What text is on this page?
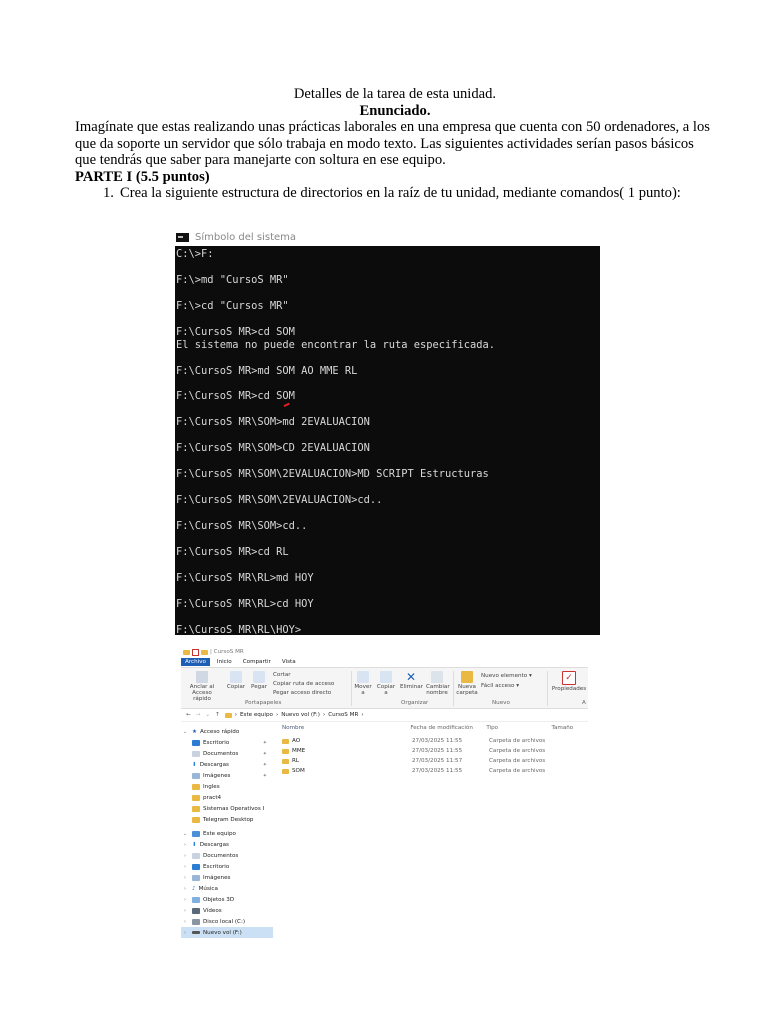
Detalles de la tarea de esta unidad.

Enunciado.

Imagínate que estas realizando unas prácticas laborales en una empresa que cuenta con 50 ordenadores, a los que da soporte un servidor que sólo trabaja en modo texto. Las siguientes actividades serían pasos básicos que tendrás que saber para manejarte con soltura en ese equipo.

PARTE I (5.5 puntos)

1. Crea la siguiente estructura de directorios en la raíz de tu unidad, mediante comandos( 1 punto):
Símbolo del sistema
C:\>F:

F:\>md "CursoS MR"

F:\>cd "Cursos MR"

F:\CursoS MR>cd SOM
El sistema no puede encontrar la ruta especificada.

F:\CursoS MR>md SOM AO MME RL

F:\CursoS MR>cd SOM

F:\CursoS MR\SOM>md 2EVALUACION

F:\CursoS MR\SOM>CD 2EVALUACION

F:\CursoS MR\SOM\2EVALUACION>MD SCRIPT Estructuras

F:\CursoS MR\SOM\2EVALUACION>cd..

F:\CursoS MR\SOM>cd..

F:\CursoS MR>cd RL

F:\CursoS MR\RL>md HOY

F:\CursoS MR\RL>cd HOY

F:\CursoS MR\RL\HOY>
| CursoS MR
Archivo	Inicio	Compartir	Vista
Anclar al Acceso rápido
Copiar Pegar
Cortar
Copiar ruta de acceso
Pegar acceso directo
Mover a
Copiar a
✕
Eliminar Cambiar nombre
Nueva carpeta
Nuevo elemento ▾
Fácil acceso ▾
✓
Propiedades
Portapapeles	Organizar	Nuevo	A
← → ⌄ ↑	› Este equipo › Nuevo vol (F:) › CursoS MR ›
⌄ ★ Acceso rápido
Escritorio	✦
Documentos	✦
⬇ Descargas	✦
Imágenes	✦
Ingles
pract4
Sistemas Operativos I
Telegram Desktop
⌄	Este equipo
›	⬇ Descargas
›	Documentos
›	Escritorio
›	Imágenes
›	♪ Música
›	Objetos 3D
›	Vídeos
›	Disco local (C:)
›	Nuevo vol (F:)
Nombre	Fecha de modificación	Tipo	Tamaño
AO	27/03/2025 11:55	Carpeta de archivos
MME	27/03/2025 11:55	Carpeta de archivos
RL	27/03/2025 11:57	Carpeta de archivos
SOM	27/03/2025 11:55	Carpeta de archivos
